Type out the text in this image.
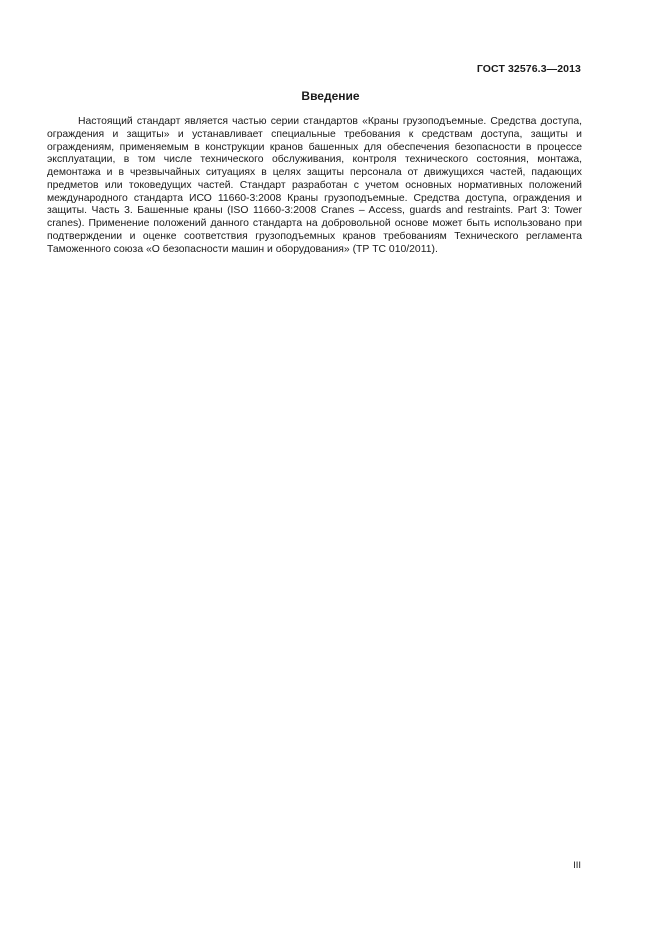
ГОСТ 32576.3—2013
Введение

Настоящий стандарт является частью серии стандартов «Краны грузоподъемные. Средства доступа, ограждения и защиты» и устанавливает специальные требования к средствам доступа, защиты и ограждениям, применяемым в конструкции кранов башенных для обеспечения безопасности в процессе эксплуатации, в том числе технического обслуживания, контроля технического состояния, монтажа, демонтажа и в чрезвычайных ситуациях в целях защиты персонала от движущихся частей, падающих предметов или токоведущих частей. Стандарт разработан с учетом основных нормативных положений международного стандарта ИСО 11660-3:2008 Краны грузоподъемные. Средства доступа, ограждения и защиты. Часть 3. Башенные краны (ISO 11660-3:2008 Cranes – Access, guards and restraints. Part 3: Tower cranes). Применение положений данного стандарта на добровольной основе может быть использовано при подтверждении и оценке соответствия грузоподъемных кранов требованиям Технического регламента Таможенного союза «О безопасности машин и оборудования» (ТР ТС 010/2011).

III
